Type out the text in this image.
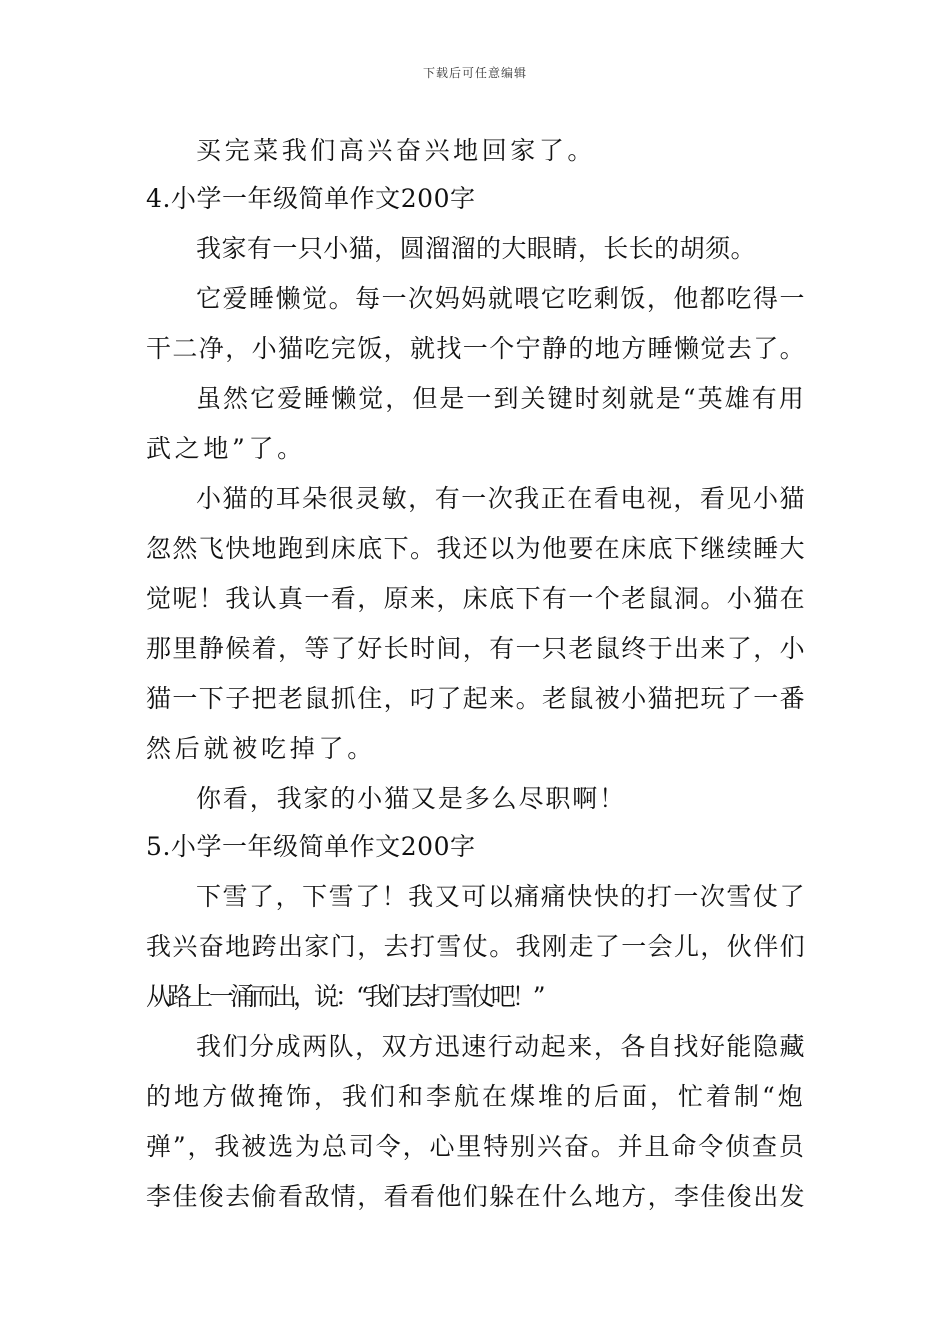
下载后可任意编辑
买完菜我们高兴奋兴地回家了。
4.小学一年级简单作文200字
我家有一只小猫，圆溜溜的大眼睛，长长的胡须。
它爱睡懒觉。每一次妈妈就喂它吃剩饭，他都吃得一
干二净，小猫吃完饭，就找一个宁静的地方睡懒觉去了。
虽然它爱睡懒觉，但是一到关键时刻就是“英雄有用
武之地”了。
小猫的耳朵很灵敏，有一次我正在看电视，看见小猫
忽然飞快地跑到床底下。我还以为他要在床底下继续睡大
觉呢！我认真一看，原来，床底下有一个老鼠洞。小猫在
那里静候着，等了好长时间，有一只老鼠终于出来了，小
猫一下子把老鼠抓住，叼了起来。老鼠被小猫把玩了一番
然后就被吃掉了。
你看，我家的小猫又是多么尽职啊！
5.小学一年级简单作文200字
下雪了，下雪了！我又可以痛痛快快的打一次雪仗了
我兴奋地跨出家门，去打雪仗。我刚走了一会儿，伙伴们
从路上一涌而出，说：“我们去打雪仗吧！”
我们分成两队，双方迅速行动起来，各自找好能隐藏
的地方做掩饰，我们和李航在煤堆的后面，忙着制“炮
弹”，我被选为总司令，心里特别兴奋。并且命令侦查员
李佳俊去偷看敌情，看看他们躲在什么地方，李佳俊出发
